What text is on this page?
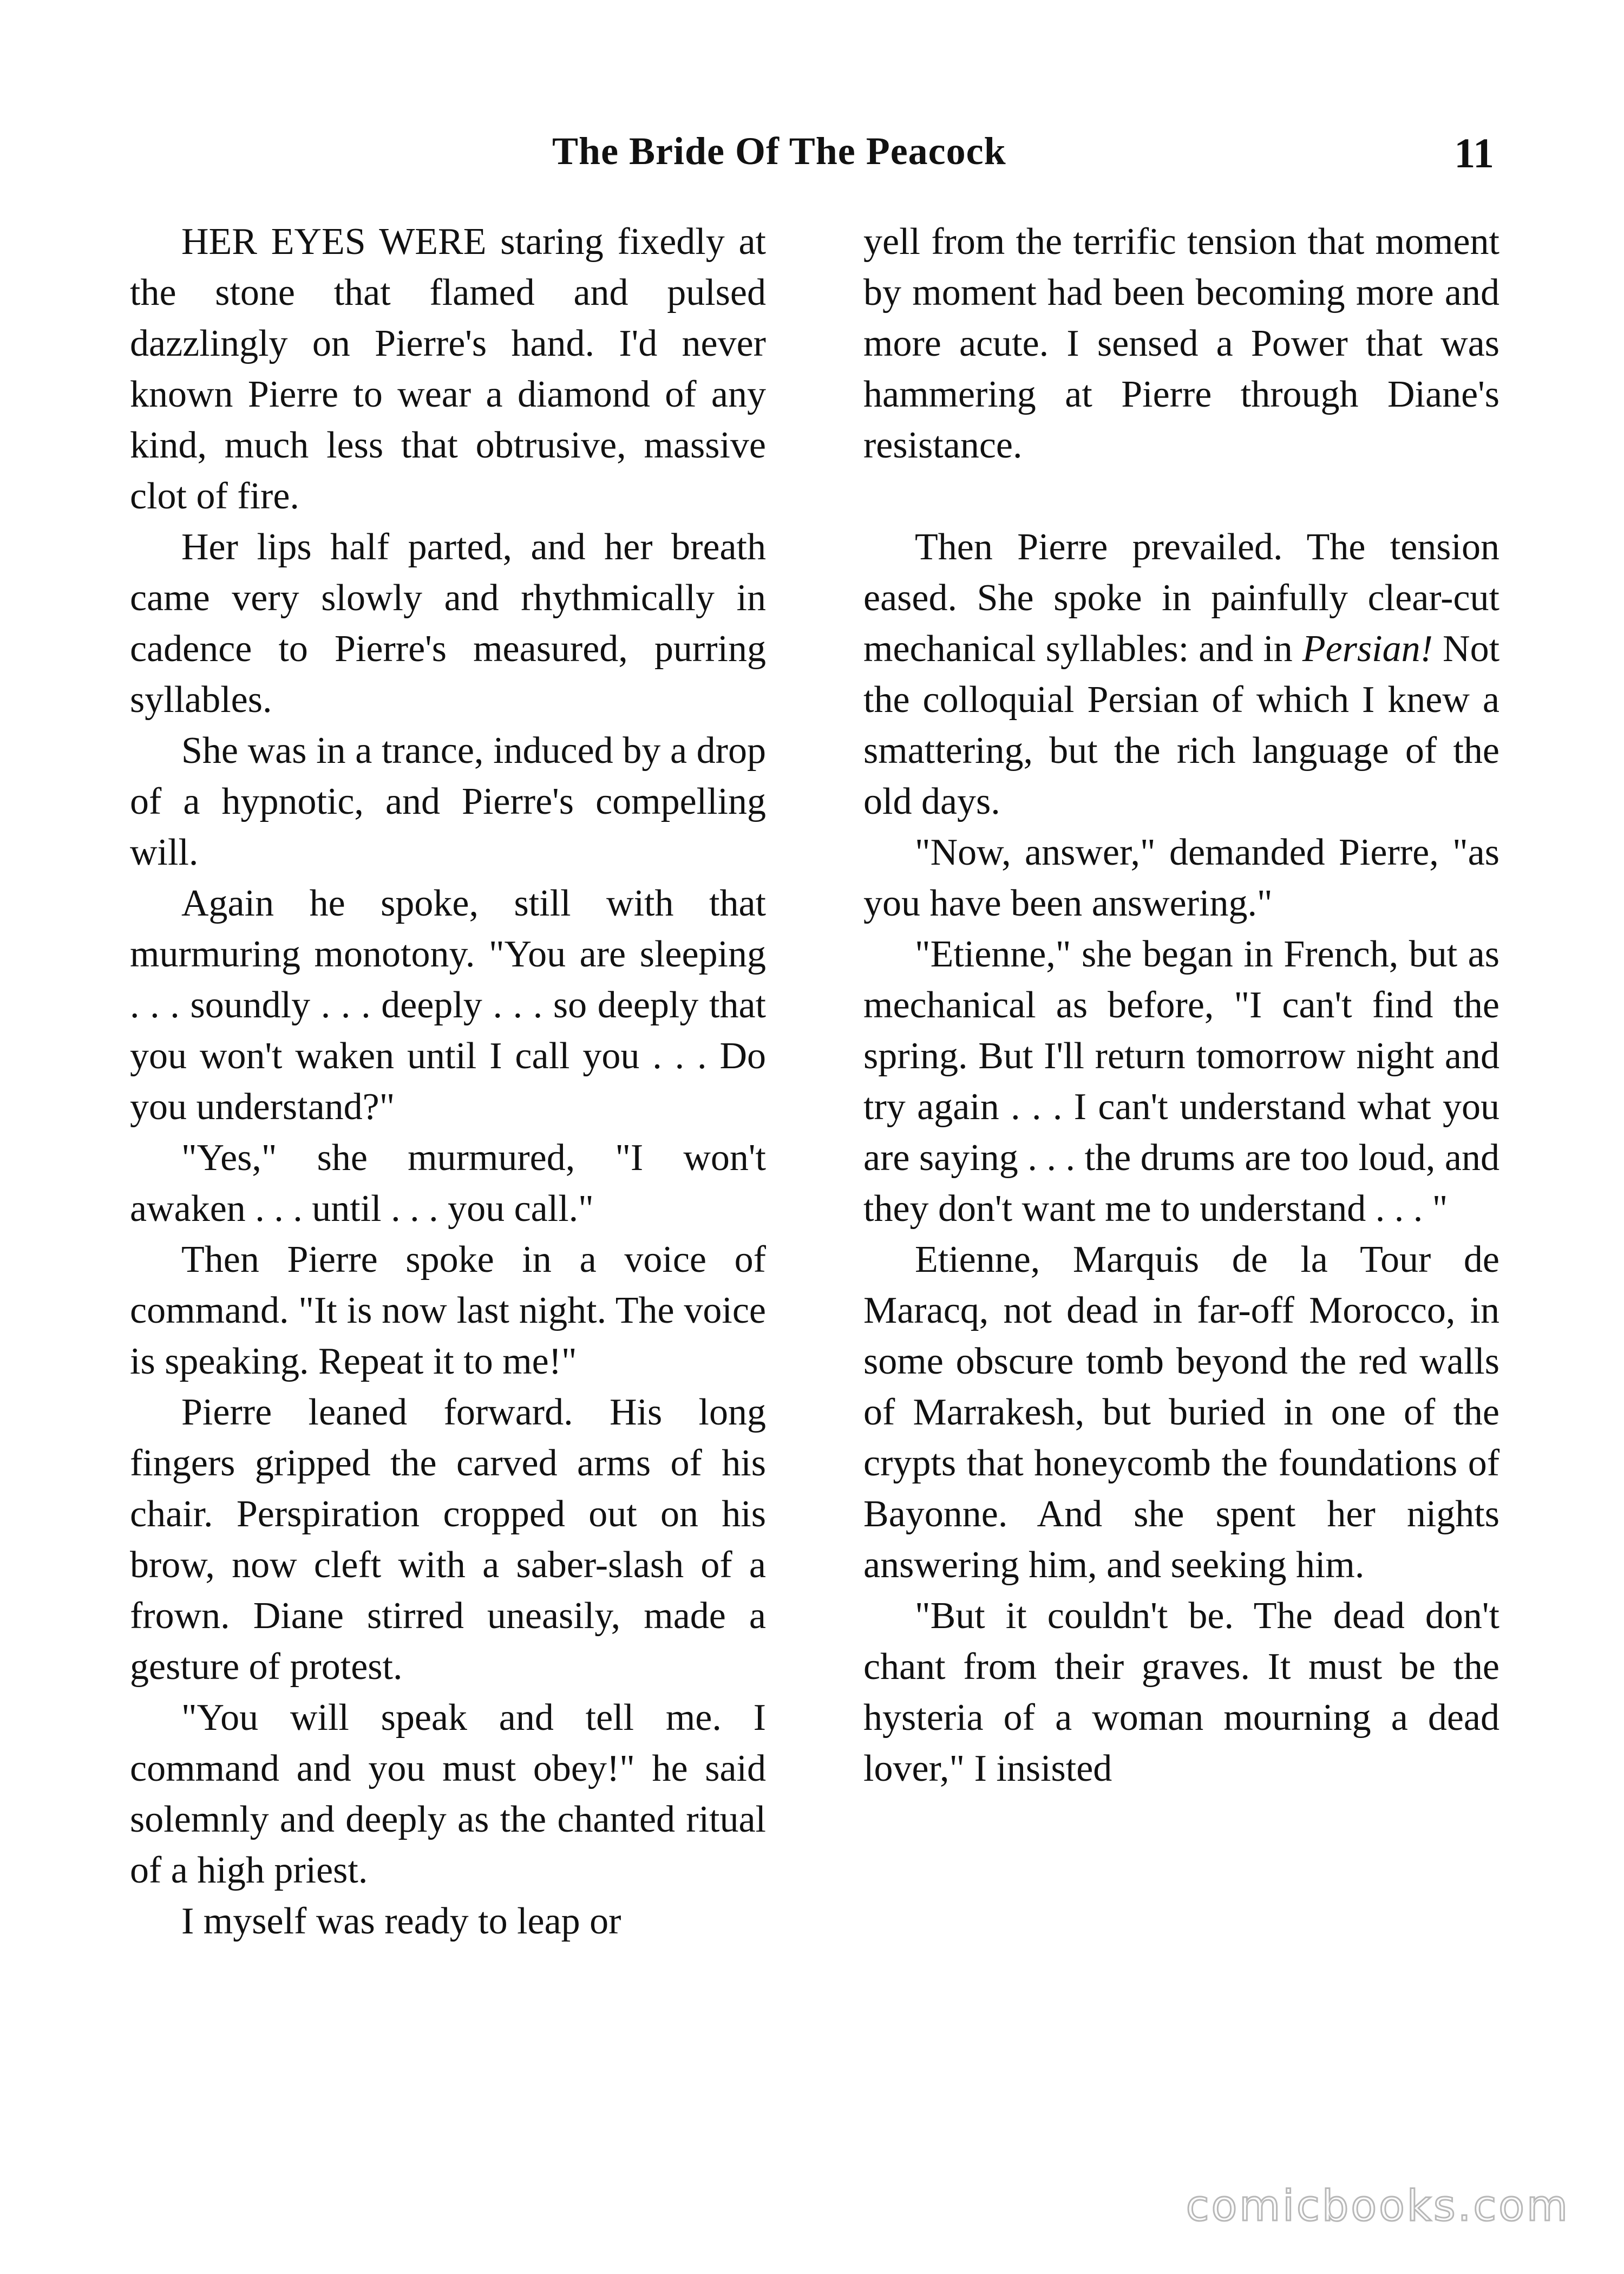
The Bride Of The Peacock	11

HER EYES WERE staring fixedly at the stone that flamed and pulsed dazzlingly on Pierre's hand. I'd never known Pierre to wear a diamond of any kind, much less that obtrusive, massive clot of fire.

Her lips half parted, and her breath came very slowly and rhythmically in cadence to Pierre's measured, purring syllables.

She was in a trance, induced by a drop of a hypnotic, and Pierre's compelling will.

Again he spoke, still with that murmuring monotony. "You are sleeping . . . soundly . . . deeply . . . so deeply that you won't waken until I call you . . . Do you understand?"

"Yes," she murmured, "I won't awaken . . . until . . . you call."

Then Pierre spoke in a voice of command. "It is now last night. The voice is speaking. Repeat it to me!"

Pierre leaned forward. His long fingers gripped the carved arms of his chair. Perspiration cropped out on his brow, now cleft with a saber-slash of a frown. Diane stirred uneasily, made a gesture of protest.

"You will speak and tell me. I command and you must obey!" he said solemnly and deeply as the chanted ritual of a high priest.

I myself was ready to leap or

yell from the terrific tension that moment by moment had been becoming more and more acute. I sensed a Power that was hammering at Pierre through Diane's resistance.

Then Pierre prevailed. The tension eased. She spoke in painfully clear-cut mechanical syllables: and in Persian! Not the colloquial Persian of which I knew a smattering, but the rich language of the old days.

"Now, answer," demanded Pierre, "as you have been answering."

"Etienne," she began in French, but as mechanical as before, "I can't find the spring. But I'll return tomorrow night and try again . . . I can't understand what you are saying . . . the drums are too loud, and they don't want me to understand . . . "

Etienne, Marquis de la Tour de Maracq, not dead in far-off Morocco, in some obscure tomb beyond the red walls of Marrakesh, but buried in one of the crypts that honeycomb the foundations of Bayonne. And she spent her nights answering him, and seeking him.

"But it couldn't be. The dead don't chant from their graves. It must be the hysteria of a woman mourning a dead lover," I insisted

comicbooks.com
